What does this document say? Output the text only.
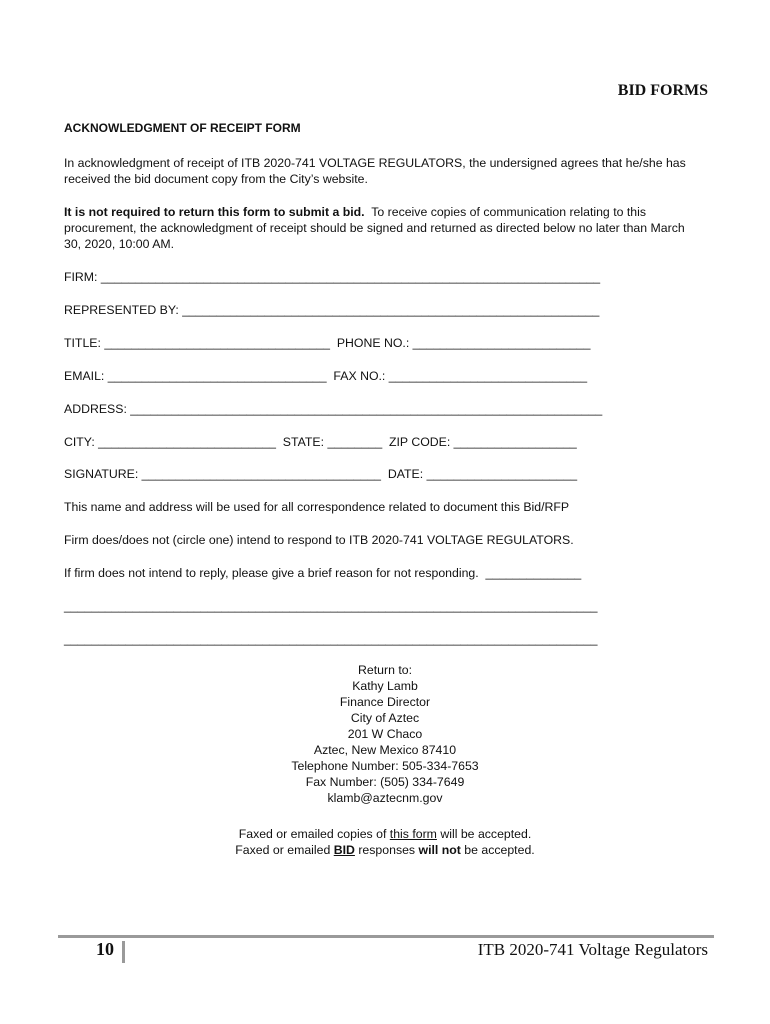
BID FORMS
ACKNOWLEDGMENT OF RECEIPT FORM
In acknowledgment of receipt of ITB 2020-741 VOLTAGE REGULATORS, the undersigned agrees that he/she has received the bid document copy from the City’s website.
It is not required to return this form to submit a bid. To receive copies of communication relating to this procurement, the acknowledgment of receipt should be signed and returned as directed below no later than March 30, 2020, 10:00 AM.
FIRM: _________________________________________________________________________
REPRESENTED BY: _____________________________________________________________
TITLE: _________________________________  PHONE NO.: __________________________
EMAIL: ________________________________  FAX NO.: _____________________________
ADDRESS: _____________________________________________________________________
CITY: __________________________  STATE: ________  ZIP CODE: __________________
SIGNATURE: ___________________________________  DATE: ______________________
This name and address will be used for all correspondence related to document this Bid/RFP
Firm does/does not (circle one) intend to respond to ITB 2020-741 VOLTAGE REGULATORS.
If firm does not intend to reply, please give a brief reason for not responding.  ______________
______________________________________________________________________________
______________________________________________________________________________
Return to:
Kathy Lamb
Finance Director
City of Aztec
201 W Chaco
Aztec, New Mexico 87410
Telephone Number: 505-334-7653
Fax Number: (505) 334-7649
klamb@aztecnm.gov
Faxed or emailed copies of this form will be accepted.
Faxed or emailed BID responses will not be accepted.
10	ITB 2020-741 Voltage Regulators
